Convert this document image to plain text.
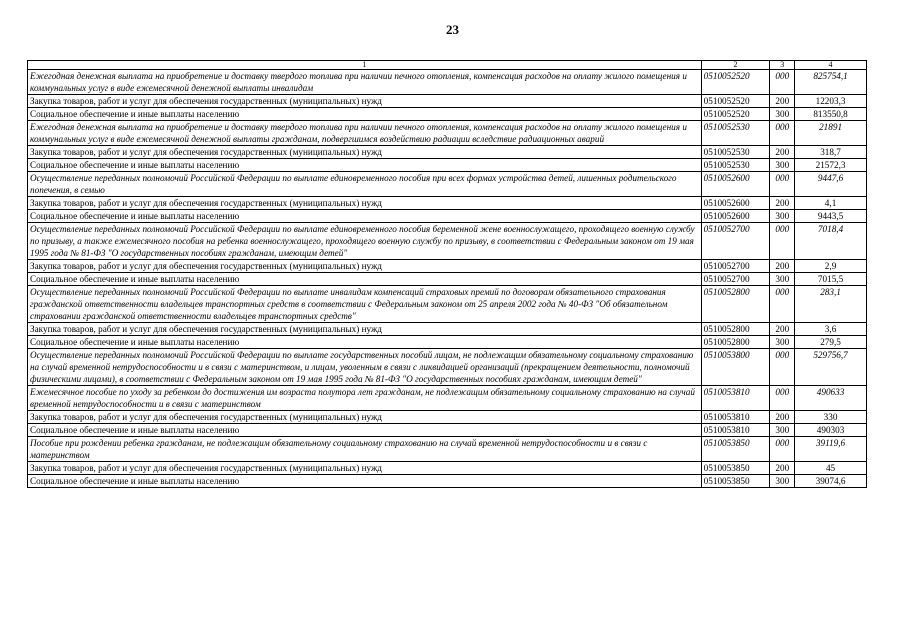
23
1	2	3	4
Ежегодная денежная выплата на приобретение и доставку твердого топлива при наличии печного отопления, компенсация расходов на оплату жилого помещения и коммунальных услуг в виде ежемесячной денежной выплаты инвалидам	0510052520	000	825754,1
Закупка товаров, работ и услуг для обеспечения государственных (муниципальных) нужд	0510052520	200	12203,3
Социальное обеспечение и иные выплаты населению	0510052520	300	813550,8
Ежегодная денежная выплата на приобретение и доставку твердого топлива при наличии печного отопления, компенсация расходов на оплату жилого помещения и коммунальных услуг в виде ежемесячной денежной выплаты гражданам, подвергшимся воздействию радиации вследствие радиационных аварий	0510052530	000	21891
Закупка товаров, работ и услуг для обеспечения государственных (муниципальных) нужд	0510052530	200	318,7
Социальное обеспечение и иные выплаты населению	0510052530	300	21572,3
Осуществление переданных полномочий Российской Федерации по выплате единовременного пособия при всех формах устройства детей, лишенных родительского попечения, в семью	0510052600	000	9447,6
Закупка товаров, работ и услуг для обеспечения государственных (муниципальных) нужд	0510052600	200	4,1
Социальное обеспечение и иные выплаты населению	0510052600	300	9443,5
Осуществление переданных полномочий Российской Федерации по выплате единовременного пособия беременной жене военнослужащего, проходящего военную службу по призыву, а также ежемесячного пособия на ребенка военнослужащего, проходящего военную службу по призыву, в соответствии с Федеральным законом от 19 мая 1995 года № 81-ФЗ "О государственных пособиях гражданам, имеющим детей"	0510052700	000	7018,4
Закупка товаров, работ и услуг для обеспечения государственных (муниципальных) нужд	0510052700	200	2,9
Социальное обеспечение и иные выплаты населению	0510052700	300	7015,5
Осуществление переданных полномочий Российской Федерации по выплате инвалидам компенсаций страховых премий по договорам обязательного страхования гражданской ответственности владельцев транспортных средств в соответствии с Федеральным законом от 25 апреля 2002 года № 40-ФЗ "Об обязательном страховании гражданской ответственности владельцев транспортных средств"	0510052800	000	283,1
Закупка товаров, работ и услуг для обеспечения государственных (муниципальных) нужд	0510052800	200	3,6
Социальное обеспечение и иные выплаты населению	0510052800	300	279,5
Осуществление переданных полномочий Российской Федерации по выплате государственных пособий лицам, не подлежащим обязательному социальному страхованию на случай временной нетрудоспособности и в связи с материнством, и лицам, уволенным в связи с ликвидацией организаций (прекращением деятельности, полномочий физическими лицами), в соответствии с Федеральным законом от 19 мая 1995 года № 81-ФЗ "О государственных пособиях гражданам, имеющим детей"	0510053800	000	529756,7
Ежемесячное пособие по уходу за ребенком до достижения им возраста полутора лет гражданам, не подлежащим обязательному социальному страхованию на случай временной нетрудоспособности и в связи с материнством	0510053810	000	490633
Закупка товаров, работ и услуг для обеспечения государственных (муниципальных) нужд	0510053810	200	330
Социальное обеспечение и иные выплаты населению	0510053810	300	490303
Пособие при рождении ребенка гражданам, не подлежащим обязательному социальному страхованию на случай временной нетрудоспособности и в связи с материнством	0510053850	000	39119,6
Закупка товаров, работ и услуг для обеспечения государственных (муниципальных) нужд	0510053850	200	45
Социальное обеспечение и иные выплаты населению	0510053850	300	39074,6
